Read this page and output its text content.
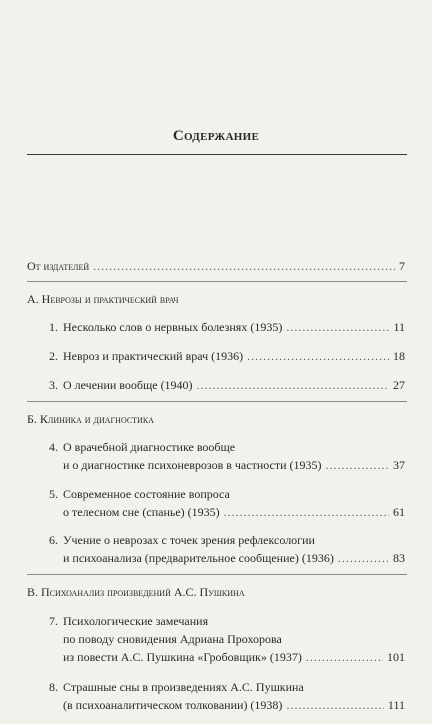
Содержание
От издателей .....	7
А. Неврозы и практический врач
1. Несколько слов о нервных болезнях (1935) .....	11
2. Невроз и практический врач (1936) .....	18
3. О лечении вообще (1940) .....	27
Б. Клиника и диагностика
4. О врачебной диагностике вообще
и о диагностике психоневрозов в частности (1935) .....	37
5. Современное состояние вопроса
о телесном сне (спанье) (1935) .....	61
6. Учение о неврозах с точек зрения рефлексологии
и психоанализа (предварительное сообщение) (1936) .....	83
В. Психоанализ произведений А.С. Пушкина
7. Психологические замечания
по поводу сновидения Адриана Прохорова
из повести А.С. Пушкина «Гробовщик» (1937) .....	101
8. Страшные сны в произведениях А.С. Пушкина
(в психоаналитическом толковании) (1938) .....	111
